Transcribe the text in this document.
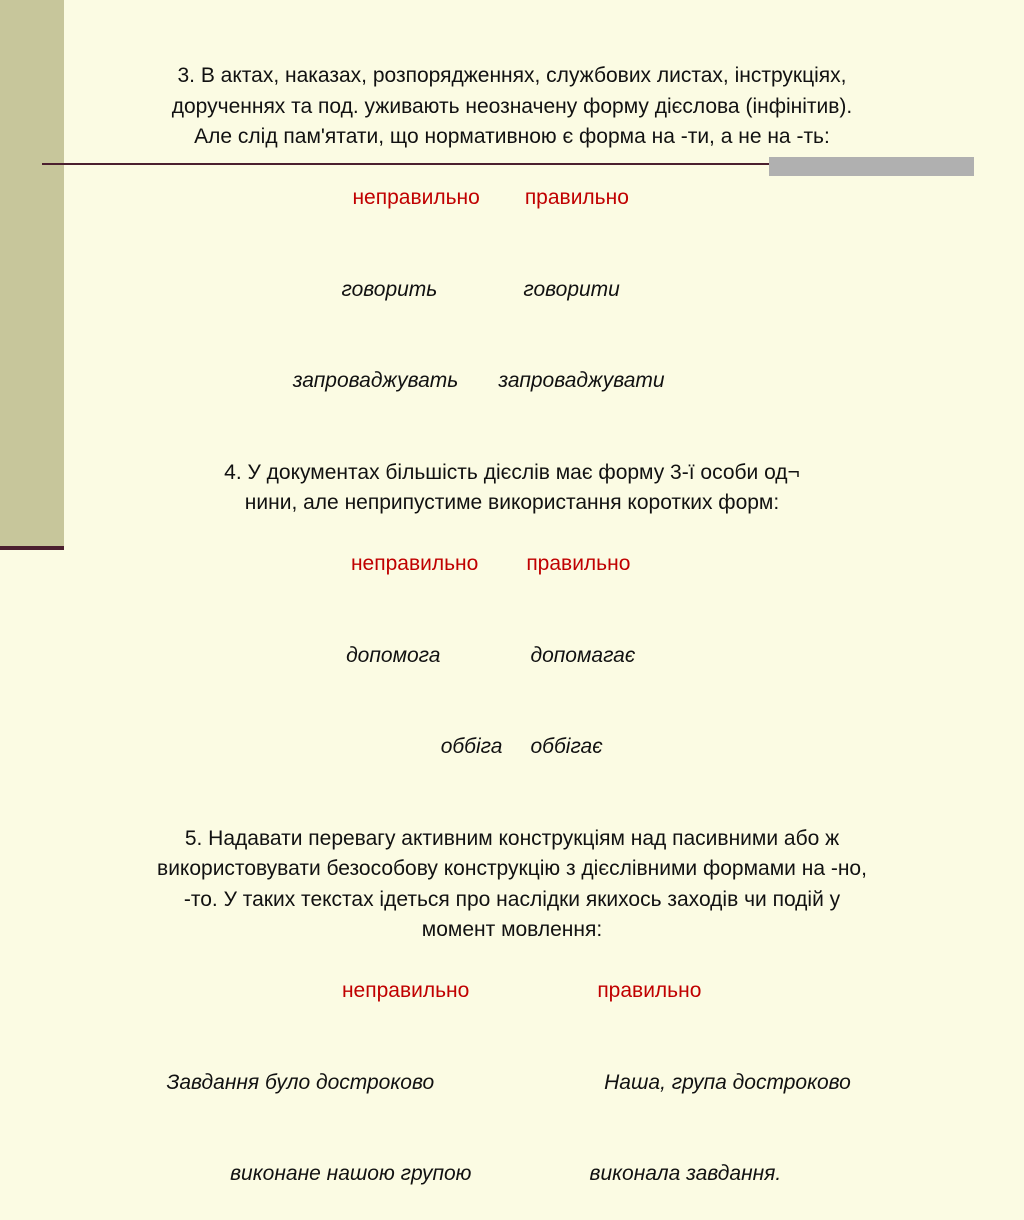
3. В актах, наказах, розпорядженнях, службових листах, інструкціях,
дорученнях та под. уживають неозначену форму дієслова (інфінітив).
Але слід пам'ятати, що нормативною є форма на -ти, а не на -ть:

неправильно правильно

говорить	говорити

запроваджувать запроваджувати

4. У документах більшість дієслів має форму 3-ї особи од¬
нини, але неприпустиме використання коротких форм:

неправильно правильно

допомога	допомагає

оббіга оббігає

5. Надавати перевагу активним конструкціям над пасивними або ж
використовувати безособову конструкцію з дієслівними формами на -но,
-то. У таких текстах ідеться про наслідки якихось заходів чи подій у
момент мовлення:

неправильно	правильно

Завдання було достроково	Наша, група достроково

виконане нашою групою	виконала завдання.
